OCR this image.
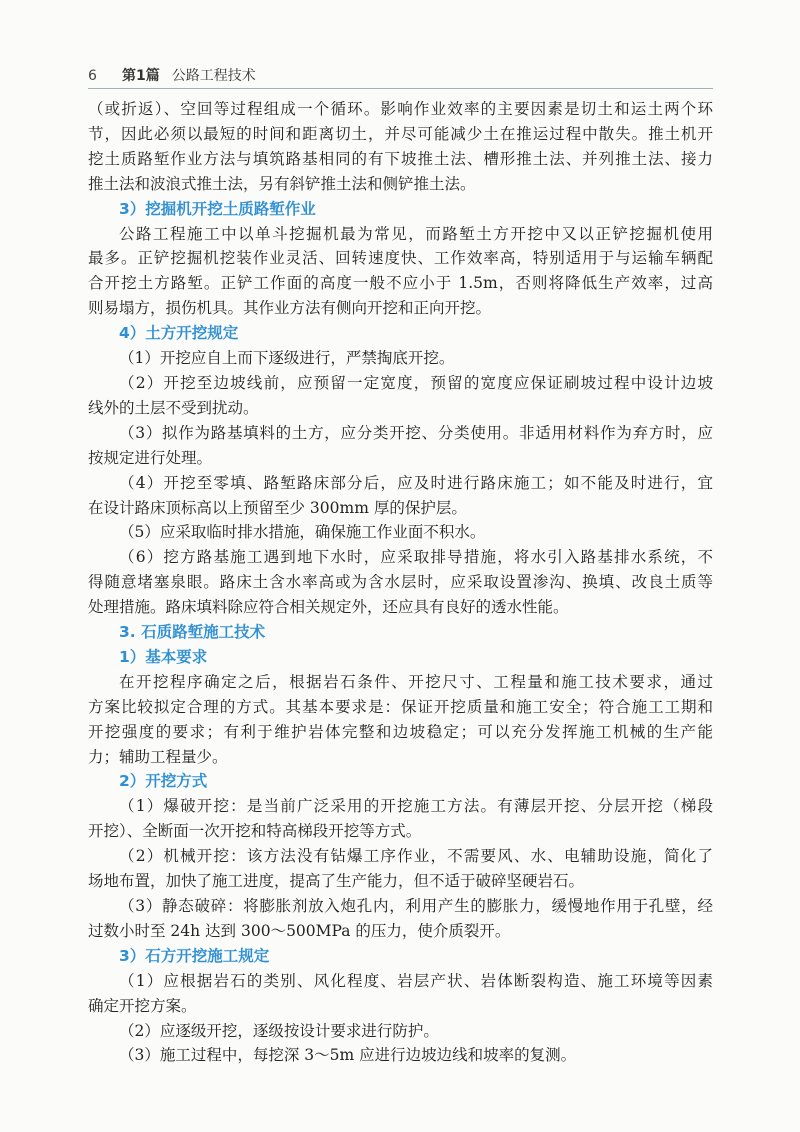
6 第1篇 公路工程技术
（或折返）、空回等过程组成一个循环。影响作业效率的主要因素是切土和运土两个环
节，因此必须以最短的时间和距离切土，并尽可能减少土在推运过程中散失。推土机开
挖土质路堑作业方法与填筑路基相同的有下坡推土法、槽形推土法、并列推土法、接力
推土法和波浪式推土法，另有斜铲推土法和侧铲推土法。
3）挖掘机开挖土质路堑作业
公路工程施工中以单斗挖掘机最为常见，而路堑土方开挖中又以正铲挖掘机使用
最多。正铲挖掘机挖装作业灵活、回转速度快、工作效率高，特别适用于与运输车辆配
合开挖土方路堑。正铲工作面的高度一般不应小于 1.5m，否则将降低生产效率，过高
则易塌方，损伤机具。其作业方法有侧向开挖和正向开挖。
4）土方开挖规定
（1）开挖应自上而下逐级进行，严禁掏底开挖。
（2）开挖至边坡线前，应预留一定宽度，预留的宽度应保证刷坡过程中设计边坡
线外的土层不受到扰动。
（3）拟作为路基填料的土方，应分类开挖、分类使用。非适用材料作为弃方时，应
按规定进行处理。
（4）开挖至零填、路堑路床部分后，应及时进行路床施工；如不能及时进行，宜
在设计路床顶标高以上预留至少 300mm 厚的保护层。
（5）应采取临时排水措施，确保施工作业面不积水。
（6）挖方路基施工遇到地下水时，应采取排导措施，将水引入路基排水系统，不
得随意堵塞泉眼。路床土含水率高或为含水层时，应采取设置渗沟、换填、改良土质等
处理措施。路床填料除应符合相关规定外，还应具有良好的透水性能。
3. 石质路堑施工技术
1）基本要求
在开挖程序确定之后，根据岩石条件、开挖尺寸、工程量和施工技术要求，通过
方案比较拟定合理的方式。其基本要求是：保证开挖质量和施工安全；符合施工工期和
开挖强度的要求；有利于维护岩体完整和边坡稳定；可以充分发挥施工机械的生产能
力；辅助工程量少。
2）开挖方式
（1）爆破开挖：是当前广泛采用的开挖施工方法。有薄层开挖、分层开挖（梯段
开挖）、全断面一次开挖和特高梯段开挖等方式。
（2）机械开挖：该方法没有钻爆工序作业，不需要风、水、电辅助设施，简化了
场地布置，加快了施工进度，提高了生产能力，但不适于破碎坚硬岩石。
（3）静态破碎：将膨胀剂放入炮孔内，利用产生的膨胀力，缓慢地作用于孔壁，经
过数小时至 24h 达到 300～500MPa 的压力，使介质裂开。
3）石方开挖施工规定
（1）应根据岩石的类别、风化程度、岩层产状、岩体断裂构造、施工环境等因素
确定开挖方案。
（2）应逐级开挖，逐级按设计要求进行防护。
（3）施工过程中，每挖深 3～5m 应进行边坡边线和坡率的复测。
